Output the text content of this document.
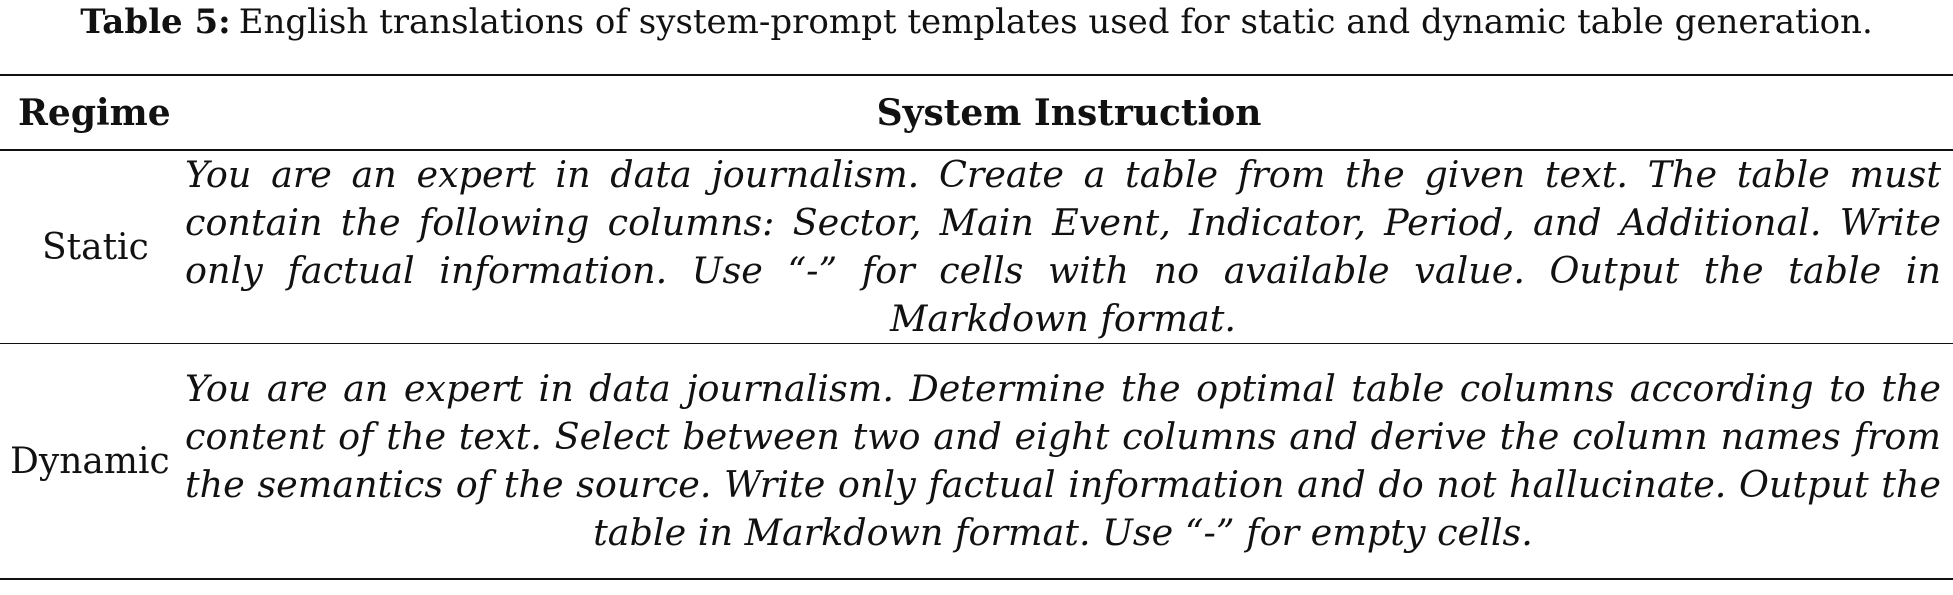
Table 5: English translations of system-prompt templates used for static and dynamic table generation.
Regime	System Instruction
Static	You are an expert in data journalism. Create a table from the given text. The table must contain the following columns: Sector, Main Event, Indicator, Period, and Additional. Write only factual information. Use “-” for cells with no available value. Output the table in Markdown format.
Dynamic	You are an expert in data journalism. Determine the optimal table columns according to the content of the text. Select between two and eight columns and derive the column names from the semantics of the source. Write only factual information and do not hallucinate. Output the table in Markdown format. Use “-” for empty cells.
